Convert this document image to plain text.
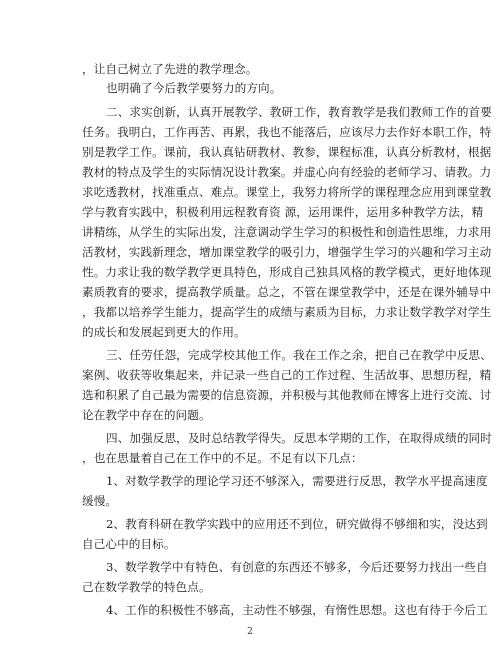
，让自己树立了先进的教学理念。
也明确了今后教学要努力的方向。
二、求实创新，认真开展教学、教研工作，教育教学是我们教师工作的首要
任务。我明白，工作再苦、再累，我也不能落后，应该尽力去作好本职工作，特
别是教学工作。课前，我认真钻研教材、教参，课程标准，认真分析教材，根据
教材的特点及学生的实际情况设计教案。并虚心向有经验的老师学习、请教。力
求吃透教材，找准重点、难点。课堂上，我努力将所学的课程理念应用到课堂教
学与教育实践中，积极利用远程教育资 源，运用课件，运用多种教学方法，精
讲精练，从学生的实际出发，注意调动学生学习的积极性和创造性思维，力求用
活教材，实践新理念，增加课堂教学的吸引力，增强学生学习的兴趣和学习主动
性。力求让我的数学教学更具特色，形成自己独具风格的教学模式，更好地体现
素质教育的要求，提高教学质量。总之，不管在课堂教学中，还是在课外辅导中
，我都以培养学生能力，提高学生的成绩与素质为目标，力求让数学教学对学生
的成长和发展起到更大的作用。
三、任劳任怨，完成学校其他工作。我在工作之余，把自己在教学中反思、
案例、收获等收集起来，并记录一些自己的工作过程、生活故事、思想历程，精
选和积累了自己最为需要的信息资源，并积极与其他教师在博客上进行交流、讨
论在教学中存在的问题。
四、加强反思，及时总结教学得失。反思本学期的工作，在取得成绩的同时
，也在思量着自己在工作中的不足。不足有以下几点：
1、对数学教学的理论学习还不够深入，需要进行反思，教学水平提高速度
缓慢。
2、教育科研在教学实践中的应用还不到位，研究做得不够细和实，没达到
自己心中的目标。
3、数学教学中有特色、有创意的东西还不够多，今后还要努力找出一些自
己在数学教学的特色点。
4、工作的积极性不够高，主动性不够强，有惰性思想。这也有待于今后工
2
